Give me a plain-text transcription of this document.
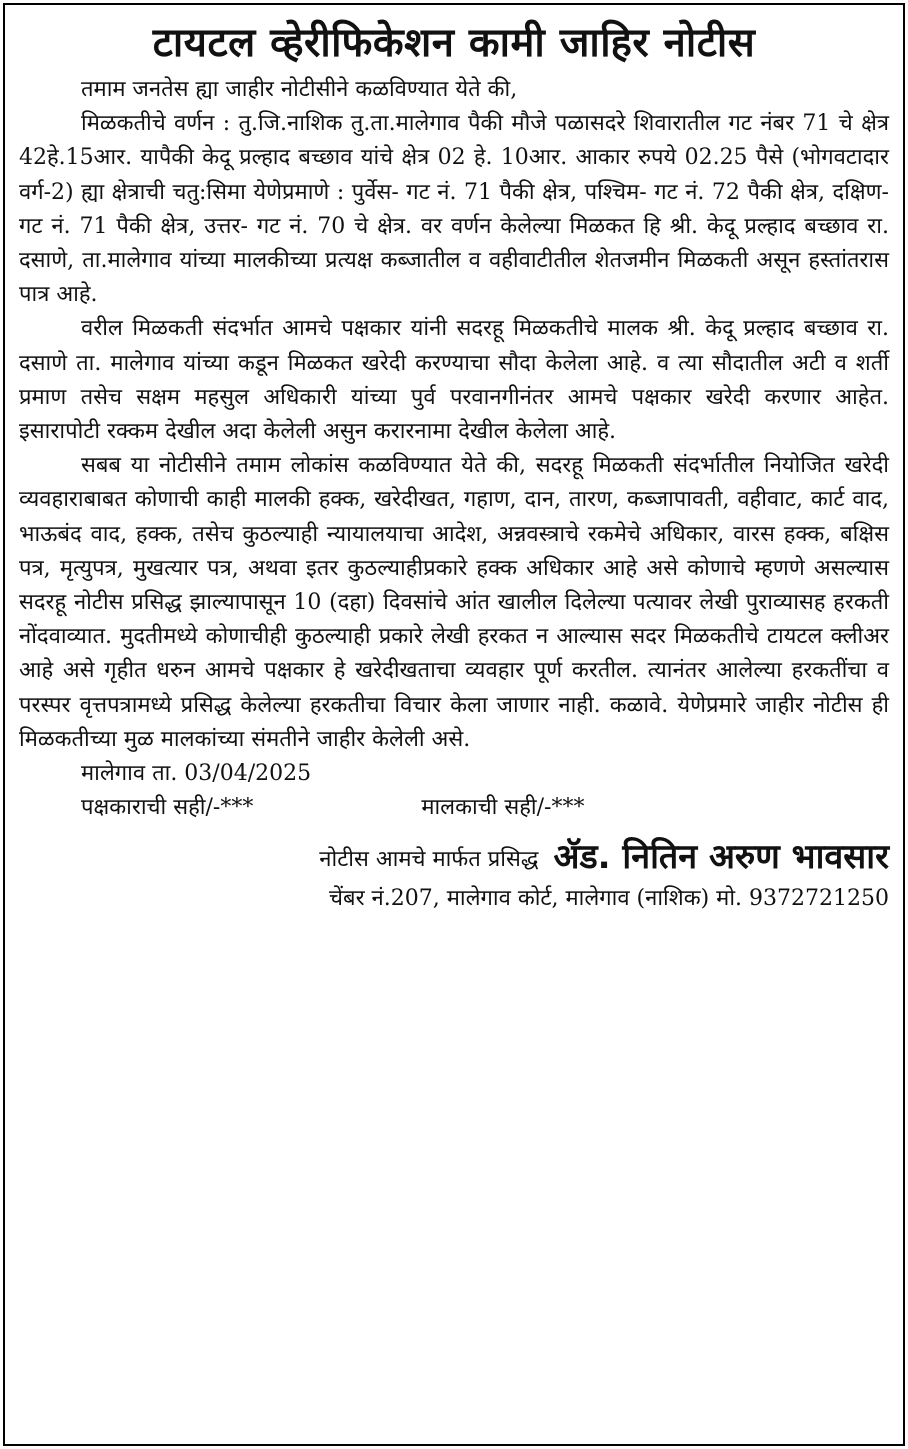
टायटल व्हेरीफिकेशन कामी जाहिर नोटीस
तमाम जनतेस ह्या जाहीर नोटीसीने कळविण्यात येते की,

मिळकतीचे वर्णन : तु.जि.नाशिक तु.ता.मालेगाव पैकी मौजे पळासदरे शिवारातील गट नंबर 71 चे क्षेत्र 42हे.15आर. यापैकी केदू प्रल्हाद बच्छाव यांचे क्षेत्र 02 हे. 10आर. आकार रुपये 02.25 पैसे (भोगवटादार वर्ग-2) ह्या क्षेत्राची चतु:सिमा येणेप्रमाणे : पुर्वेस- गट नं. 71 पैकी क्षेत्र, पश्चिम- गट नं. 72 पैकी क्षेत्र, दक्षिण- गट नं. 71 पैकी क्षेत्र, उत्तर- गट नं. 70 चे क्षेत्र. वर वर्णन केलेल्या मिळकत हि श्री. केदू प्रल्हाद बच्छाव रा. दसाणे, ता.मालेगाव यांच्या मालकीच्या प्रत्यक्ष कब्जातील व वहीवाटीतील शेतजमीन मिळकती असून हस्तांतरास पात्र आहे.

वरील मिळकती संदर्भात आमचे पक्षकार यांनी सदरहू मिळकतीचे मालक श्री. केदू प्रल्हाद बच्छाव रा. दसाणे ता. मालेगाव यांच्या कडून मिळकत खरेदी करण्याचा सौदा केलेला आहे. व त्या सौदातील अटी व शर्ती प्रमाण तसेच सक्षम महसुल अधिकारी यांच्या पुर्व परवानगीनंतर आमचे पक्षकार खरेदी करणार आहेत. इसारापोटी रक्कम देखील अदा केलेली असुन करारनामा देखील केलेला आहे.

सबब या नोटीसीने तमाम लोकांस कळविण्यात येते की, सदरहू मिळकती संदर्भातील नियोजित खरेदी व्यवहाराबाबत कोणाची काही मालकी हक्क, खरेदीखत, गहाण, दान, तारण, कब्जापावती, वहीवाट, कार्ट वाद, भाऊबंद वाद, हक्क, तसेच कुठल्याही न्यायालयाचा आदेश, अन्नवस्त्राचे रकमेचे अधिकार, वारस हक्क, बक्षिस पत्र, मृत्युपत्र, मुखत्यार पत्र, अथवा इतर कुठल्याहीप्रकारे हक्क अधिकार आहे असे कोणाचे म्हणणे असल्यास सदरहू नोटीस प्रसिद्ध झाल्यापासून 10 (दहा) दिवसांचे आंत खालील दिलेल्या पत्यावर लेखी पुराव्यासह हरकती नोंदवाव्यात. मुदतीमध्ये कोणाचीही कुठल्याही प्रकारे लेखी हरकत न आल्यास सदर मिळकतीचे टायटल क्लीअर आहे असे गृहीत धरुन आमचे पक्षकार हे खरेदीखताचा व्यवहार पूर्ण करतील. त्यानंतर आलेल्या हरकतींचा व परस्पर वृत्तपत्रामध्ये प्रसिद्ध केलेल्या हरकतीचा विचार केला जाणार नाही. कळावे. येणेप्रमारे जाहीर नोटीस ही मिळकतीच्या मुळ मालकांच्या संमतीने जाहीर केलेली असे.

मालेगाव ता. 03/04/2025
पक्षकाराची सही/-***	मालकाची सही/-***
नोटीस आमचे मार्फत प्रसिद्ध ॲड. नितिन अरुण भावसार
चेंबर नं.207, मालेगाव कोर्ट, मालेगाव (नाशिक) मो. 9372721250
